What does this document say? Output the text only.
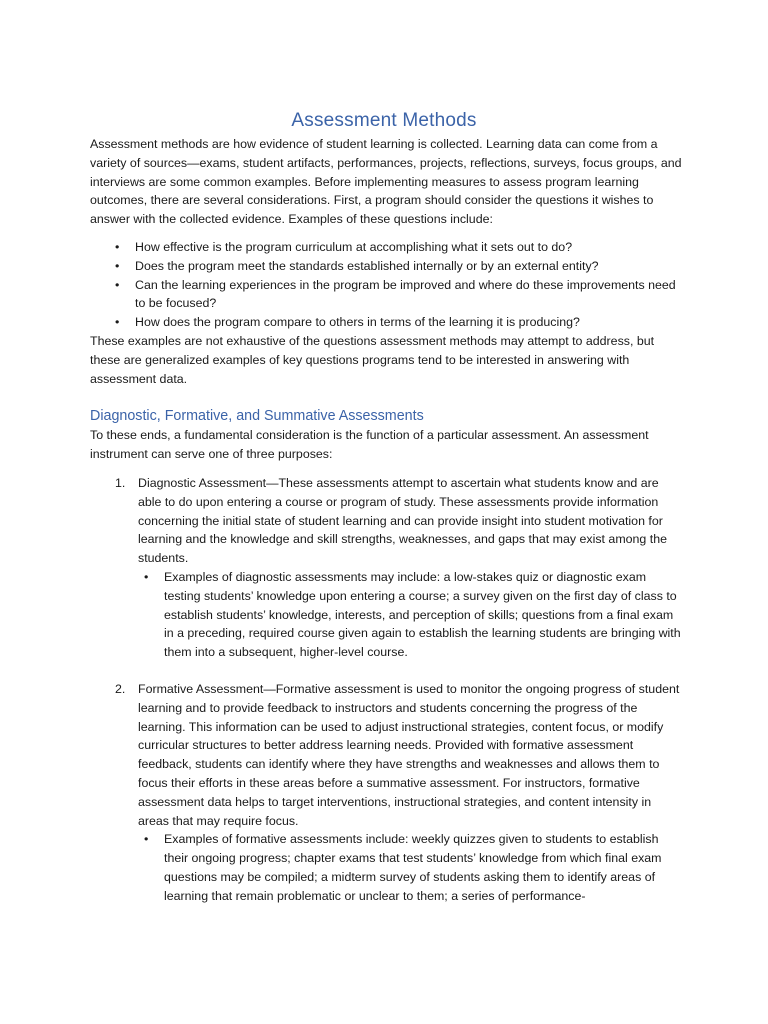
Assessment Methods

Assessment methods are how evidence of student learning is collected. Learning data can come from a variety of sources—exams, student artifacts, performances, projects, reflections, surveys, focus groups, and interviews are some common examples. Before implementing measures to assess program learning outcomes, there are several considerations. First, a program should consider the questions it wishes to answer with the collected evidence. Examples of these questions include:

• How effective is the program curriculum at accomplishing what it sets out to do?
• Does the program meet the standards established internally or by an external entity?
• Can the learning experiences in the program be improved and where do these improvements need to be focused?
• How does the program compare to others in terms of the learning it is producing?

These examples are not exhaustive of the questions assessment methods may attempt to address, but these are generalized examples of key questions programs tend to be interested in answering with assessment data.

Diagnostic, Formative, and Summative Assessments

To these ends, a fundamental consideration is the function of a particular assessment. An assessment instrument can serve one of three purposes:

1. Diagnostic Assessment—These assessments attempt to ascertain what students know and are able to do upon entering a course or program of study. These assessments provide information concerning the initial state of student learning and can provide insight into student motivation for learning and the knowledge and skill strengths, weaknesses, and gaps that may exist among the students.
• Examples of diagnostic assessments may include: a low-stakes quiz or diagnostic exam testing students’ knowledge upon entering a course; a survey given on the first day of class to establish students’ knowledge, interests, and perception of skills; questions from a final exam in a preceding, required course given again to establish the learning students are bringing with them into a subsequent, higher-level course.
2. Formative Assessment—Formative assessment is used to monitor the ongoing progress of student learning and to provide feedback to instructors and students concerning the progress of the learning. This information can be used to adjust instructional strategies, content focus, or modify curricular structures to better address learning needs. Provided with formative assessment feedback, students can identify where they have strengths and weaknesses and allows them to focus their efforts in these areas before a summative assessment. For instructors, formative assessment data helps to target interventions, instructional strategies, and content intensity in areas that may require focus.
• Examples of formative assessments include: weekly quizzes given to students to establish their ongoing progress; chapter exams that test students’ knowledge from which final exam questions may be compiled; a midterm survey of students asking them to identify areas of learning that remain problematic or unclear to them; a series of performance-
